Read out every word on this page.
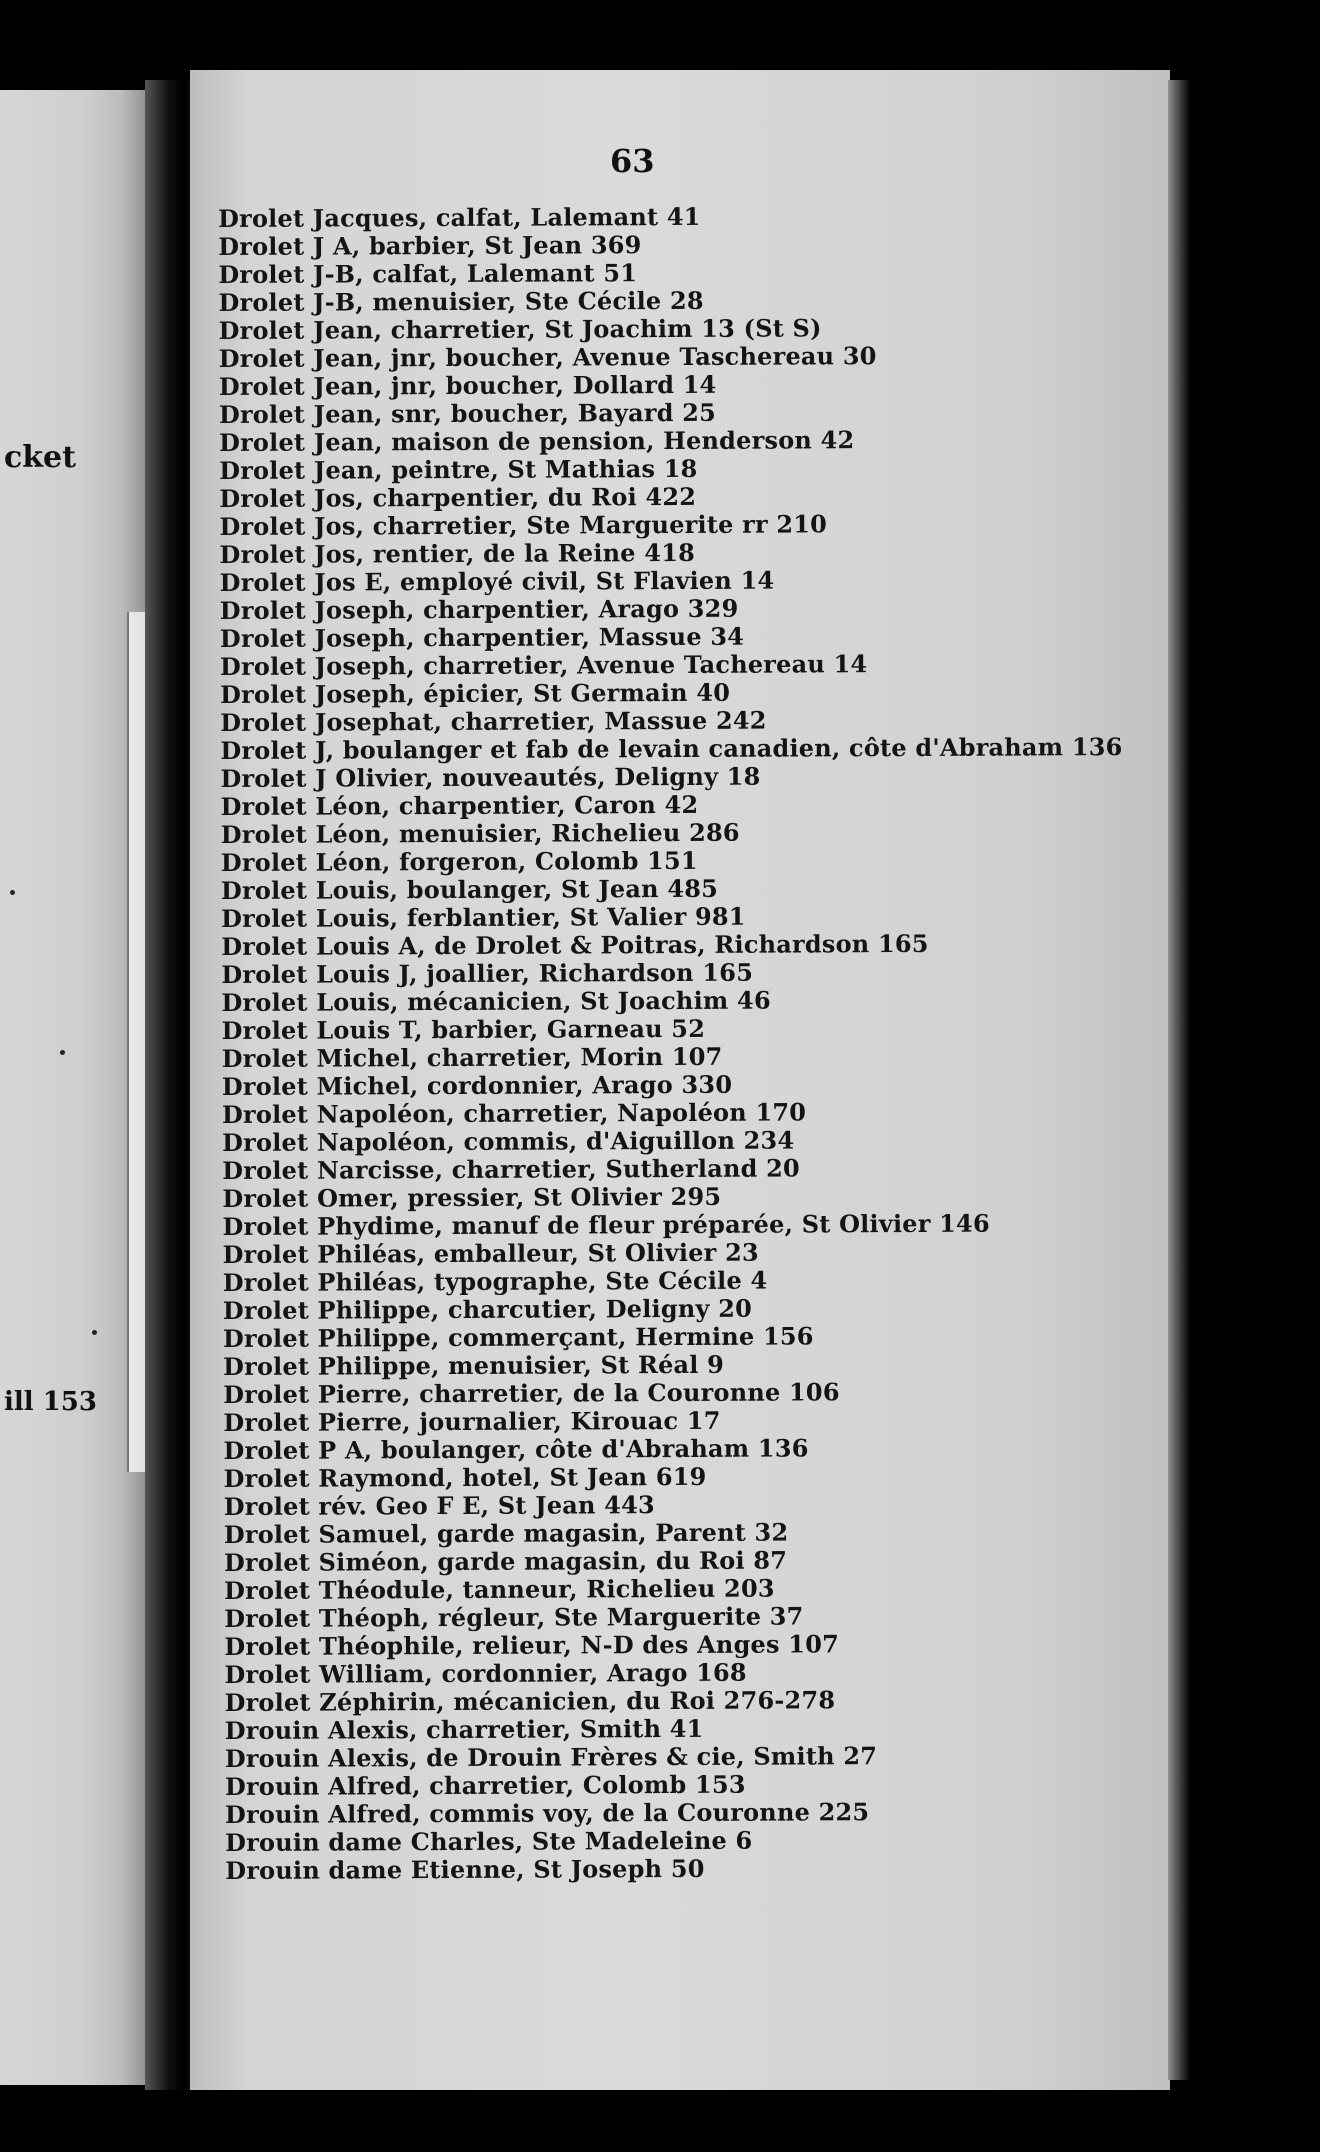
cket
ill 153
63
Drolet Jacques, calfat, Lalemant 41
Drolet J A, barbier, St Jean 369
Drolet J-B, calfat, Lalemant 51
Drolet J-B, menuisier, Ste Cécile 28
Drolet Jean, charretier, St Joachim 13 (St S)
Drolet Jean, jnr, boucher, Avenue Taschereau 30
Drolet Jean, jnr, boucher, Dollard 14
Drolet Jean, snr, boucher, Bayard 25
Drolet Jean, maison de pension, Henderson 42
Drolet Jean, peintre, St Mathias 18
Drolet Jos, charpentier, du Roi 422
Drolet Jos, charretier, Ste Marguerite rr 210
Drolet Jos, rentier, de la Reine 418
Drolet Jos E, employé civil, St Flavien 14
Drolet Joseph, charpentier, Arago 329
Drolet Joseph, charpentier, Massue 34
Drolet Joseph, charretier, Avenue Tachereau 14
Drolet Joseph, épicier, St Germain 40
Drolet Josephat, charretier, Massue 242
Drolet J, boulanger et fab de levain canadien, côte d'Abraham 136
Drolet J Olivier, nouveautés, Deligny 18
Drolet Léon, charpentier, Caron 42
Drolet Léon, menuisier, Richelieu 286
Drolet Léon, forgeron, Colomb 151
Drolet Louis, boulanger, St Jean 485
Drolet Louis, ferblantier, St Valier 981
Drolet Louis A, de Drolet & Poitras, Richardson 165
Drolet Louis J, joallier, Richardson 165
Drolet Louis, mécanicien, St Joachim 46
Drolet Louis T, barbier, Garneau 52
Drolet Michel, charretier, Morin 107
Drolet Michel, cordonnier, Arago 330
Drolet Napoléon, charretier, Napoléon 170
Drolet Napoléon, commis, d'Aiguillon 234
Drolet Narcisse, charretier, Sutherland 20
Drolet Omer, pressier, St Olivier 295
Drolet Phydime, manuf de fleur préparée, St Olivier 146
Drolet Philéas, emballeur, St Olivier 23
Drolet Philéas, typographe, Ste Cécile 4
Drolet Philippe, charcutier, Deligny 20
Drolet Philippe, commerçant, Hermine 156
Drolet Philippe, menuisier, St Réal 9
Drolet Pierre, charretier, de la Couronne 106
Drolet Pierre, journalier, Kirouac 17
Drolet P A, boulanger, côte d'Abraham 136
Drolet Raymond, hotel, St Jean 619
Drolet rév. Geo F E, St Jean 443
Drolet Samuel, garde magasin, Parent 32
Drolet Siméon, garde magasin, du Roi 87
Drolet Théodule, tanneur, Richelieu 203
Drolet Théoph, régleur, Ste Marguerite 37
Drolet Théophile, relieur, N-D des Anges 107
Drolet William, cordonnier, Arago 168
Drolet Zéphirin, mécanicien, du Roi 276-278
Drouin Alexis, charretier, Smith 41
Drouin Alexis, de Drouin Frères & cie, Smith 27
Drouin Alfred, charretier, Colomb 153
Drouin Alfred, commis voy, de la Couronne 225
Drouin dame Charles, Ste Madeleine 6
Drouin dame Etienne, St Joseph 50
